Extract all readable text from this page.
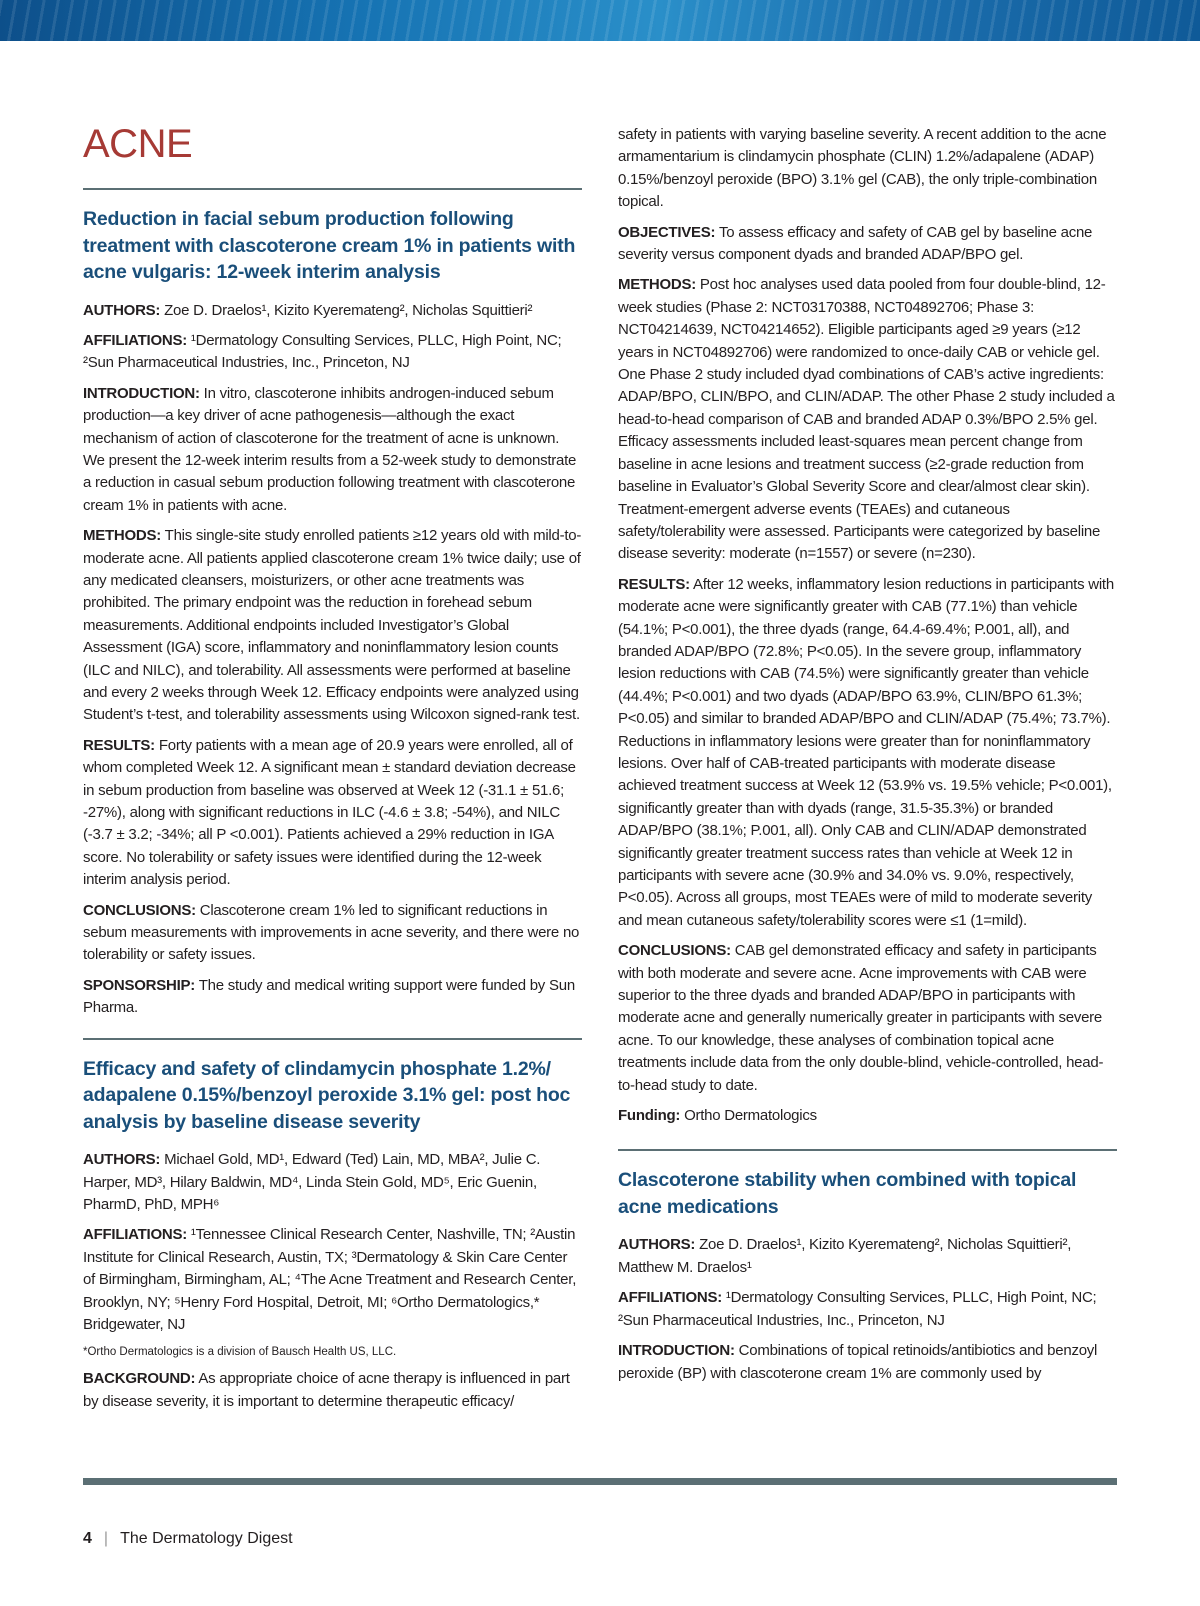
ACNE
Reduction in facial sebum production following treatment with clascoterone cream 1% in patients with acne vulgaris: 12-week interim analysis

AUTHORS: Zoe D. Draelos¹, Kizito Kyeremateng², Nicholas Squittieri²

AFFILIATIONS: ¹Dermatology Consulting Services, PLLC, High Point, NC; ²Sun Pharmaceutical Industries, Inc., Princeton, NJ

INTRODUCTION: In vitro, clascoterone inhibits androgen-induced sebum production—a key driver of acne pathogenesis—although the exact mechanism of action of clascoterone for the treatment of acne is unknown. We present the 12-week interim results from a 52-week study to demonstrate a reduction in casual sebum production following treatment with clascoterone cream 1% in patients with acne.

METHODS: This single-site study enrolled patients ≥12 years old with mild-to-moderate acne. All patients applied clascoterone cream 1% twice daily; use of any medicated cleansers, moisturizers, or other acne treatments was prohibited. The primary endpoint was the reduction in forehead sebum measurements. Additional endpoints included Investigator’s Global Assessment (IGA) score, inflammatory and noninflammatory lesion counts (ILC and NILC), and tolerability. All assessments were performed at baseline and every 2 weeks through Week 12. Efficacy endpoints were analyzed using Student’s t-test, and tolerability assessments using Wilcoxon signed-rank test.

RESULTS: Forty patients with a mean age of 20.9 years were enrolled, all of whom completed Week 12. A significant mean ± standard deviation decrease in sebum production from baseline was observed at Week 12 (-31.1 ± 51.6; -27%), along with significant reductions in ILC (-4.6 ± 3.8; -54%), and NILC (-3.7 ± 3.2; -34%; all P <0.001). Patients achieved a 29% reduction in IGA score. No tolerability or safety issues were identified during the 12-week interim analysis period.

CONCLUSIONS: Clascoterone cream 1% led to significant reductions in sebum measurements with improvements in acne severity, and there were no tolerability or safety issues.

SPONSORSHIP: The study and medical writing support were funded by Sun Pharma.

Efficacy and safety of clindamycin phosphate 1.2%/ adapalene 0.15%/benzoyl peroxide 3.1% gel: post hoc analysis by baseline disease severity

AUTHORS: Michael Gold, MD¹, Edward (Ted) Lain, MD, MBA², Julie C. Harper, MD³, Hilary Baldwin, MD⁴, Linda Stein Gold, MD⁵, Eric Guenin, PharmD, PhD, MPH⁶

AFFILIATIONS: ¹Tennessee Clinical Research Center, Nashville, TN; ²Austin Institute for Clinical Research, Austin, TX; ³Dermatology & Skin Care Center of Birmingham, Birmingham, AL; ⁴The Acne Treatment and Research Center, Brooklyn, NY; ⁵Henry Ford Hospital, Detroit, MI; ⁶Ortho Dermatologics,* Bridgewater, NJ

*Ortho Dermatologics is a division of Bausch Health US, LLC.

BACKGROUND: As appropriate choice of acne therapy is influenced in part by disease severity, it is important to determine therapeutic efficacy/

safety in patients with varying baseline severity. A recent addition to the acne armamentarium is clindamycin phosphate (CLIN) 1.2%/adapalene (ADAP) 0.15%/benzoyl peroxide (BPO) 3.1% gel (CAB), the only triple-combination topical.

OBJECTIVES: To assess efficacy and safety of CAB gel by baseline acne severity versus component dyads and branded ADAP/BPO gel.

METHODS: Post hoc analyses used data pooled from four double-blind, 12-week studies (Phase 2: NCT03170388, NCT04892706; Phase 3: NCT04214639, NCT04214652). Eligible participants aged ≥9 years (≥12 years in NCT04892706) were randomized to once-daily CAB or vehicle gel. One Phase 2 study included dyad combinations of CAB’s active ingredients: ADAP/BPO, CLIN/BPO, and CLIN/ADAP. The other Phase 2 study included a head-to-head comparison of CAB and branded ADAP 0.3%/BPO 2.5% gel. Efficacy assessments included least-squares mean percent change from baseline in acne lesions and treatment success (≥2-grade reduction from baseline in Evaluator’s Global Severity Score and clear/almost clear skin). Treatment-emergent adverse events (TEAEs) and cutaneous safety/tolerability were assessed. Participants were categorized by baseline disease severity: moderate (n=1557) or severe (n=230).

RESULTS: After 12 weeks, inflammatory lesion reductions in participants with moderate acne were significantly greater with CAB (77.1%) than vehicle (54.1%; P<0.001), the three dyads (range, 64.4-69.4%; P.001, all), and branded ADAP/BPO (72.8%; P<0.05). In the severe group, inflammatory lesion reductions with CAB (74.5%) were significantly greater than vehicle (44.4%; P<0.001) and two dyads (ADAP/BPO 63.9%, CLIN/BPO 61.3%; P<0.05) and similar to branded ADAP/BPO and CLIN/ADAP (75.4%; 73.7%). Reductions in inflammatory lesions were greater than for noninflammatory lesions. Over half of CAB-treated participants with moderate disease achieved treatment success at Week 12 (53.9% vs. 19.5% vehicle; P<0.001), significantly greater than with dyads (range, 31.5-35.3%) or branded ADAP/BPO (38.1%; P.001, all). Only CAB and CLIN/ADAP demonstrated significantly greater treatment success rates than vehicle at Week 12 in participants with severe acne (30.9% and 34.0% vs. 9.0%, respectively, P<0.05). Across all groups, most TEAEs were of mild to moderate severity and mean cutaneous safety/tolerability scores were ≤1 (1=mild).

CONCLUSIONS: CAB gel demonstrated efficacy and safety in participants with both moderate and severe acne. Acne improvements with CAB were superior to the three dyads and branded ADAP/BPO in participants with moderate acne and generally numerically greater in participants with severe acne. To our knowledge, these analyses of combination topical acne treatments include data from the only double-blind, vehicle-controlled, head-to-head study to date.

Funding: Ortho Dermatologics

Clascoterone stability when combined with topical acne medications

AUTHORS: Zoe D. Draelos¹, Kizito Kyeremateng², Nicholas Squittieri², Matthew M. Draelos¹

AFFILIATIONS: ¹Dermatology Consulting Services, PLLC, High Point, NC; ²Sun Pharmaceutical Industries, Inc., Princeton, NJ

INTRODUCTION: Combinations of topical retinoids/antibiotics and benzoyl peroxide (BP) with clascoterone cream 1% are commonly used by

4 | The Dermatology Digest
